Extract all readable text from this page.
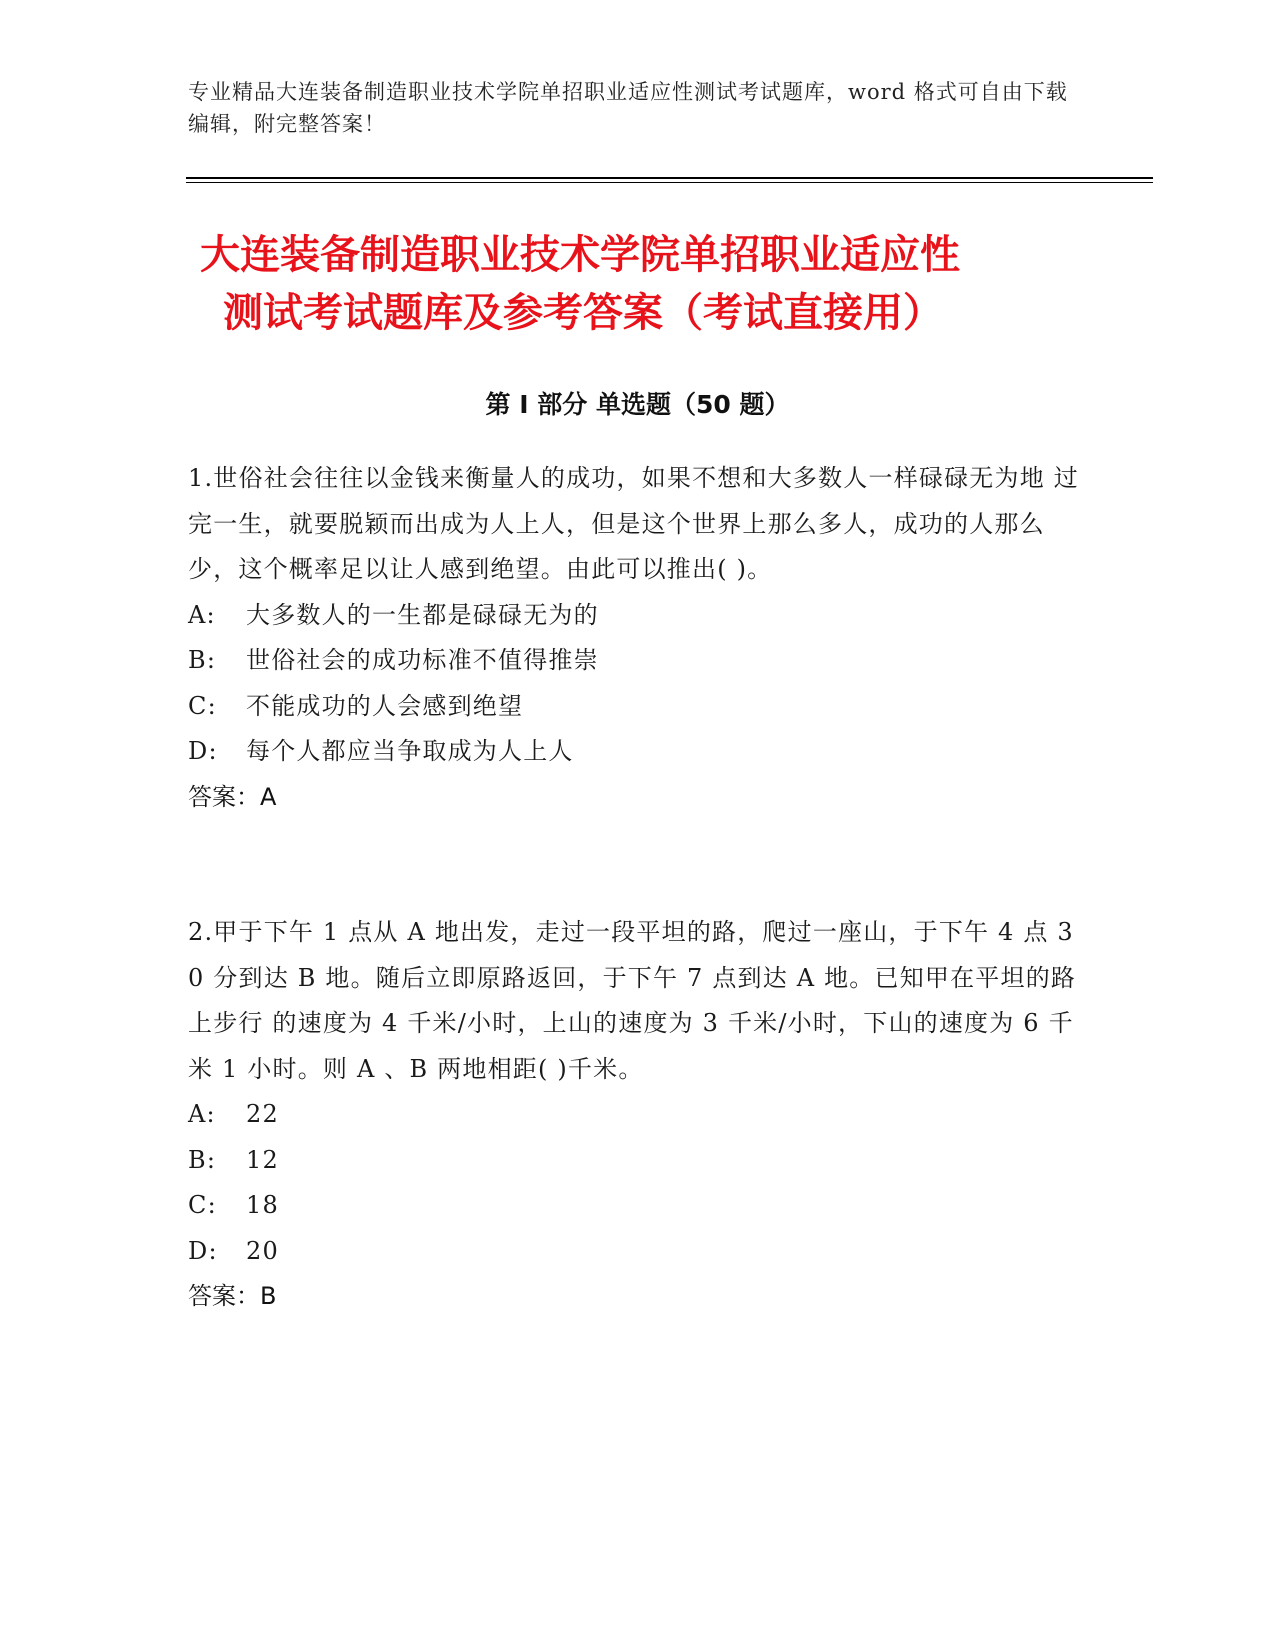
专业精品大连装备制造职业技术学院单招职业适应性测试考试题库，word 格式可自由下载编辑，附完整答案！
大连装备制造职业技术学院单招职业适应性
测试考试题库及参考答案（考试直接用）
第 I 部分 单选题（50 题）

1.世俗社会往往以金钱来衡量人的成功，如果不想和大多数人一样碌碌无为地 过完一生，就要脱颖而出成为人上人，但是这个世界上那么多人，成功的人那么少，这个概率足以让人感到绝望。由此可以推出( )。

A:	大多数人的一生都是碌碌无为的
B:	世俗社会的成功标准不值得推崇
C:	不能成功的人会感到绝望
D:	每个人都应当争取成为人上人

答案：A

2.甲于下午 1 点从 A 地出发，走过一段平坦的路，爬过一座山，于下午 4 点 30 分到达 B 地。随后立即原路返回，于下午 7 点到达 A 地。已知甲在平坦的路上步行 的速度为 4 千米/小时，上山的速度为 3 千米/小时，下山的速度为 6 千米 1 小时。则 A 、B 两地相距( )千米。

A:	22
B:	12
C:	18
D:	20

答案：B
